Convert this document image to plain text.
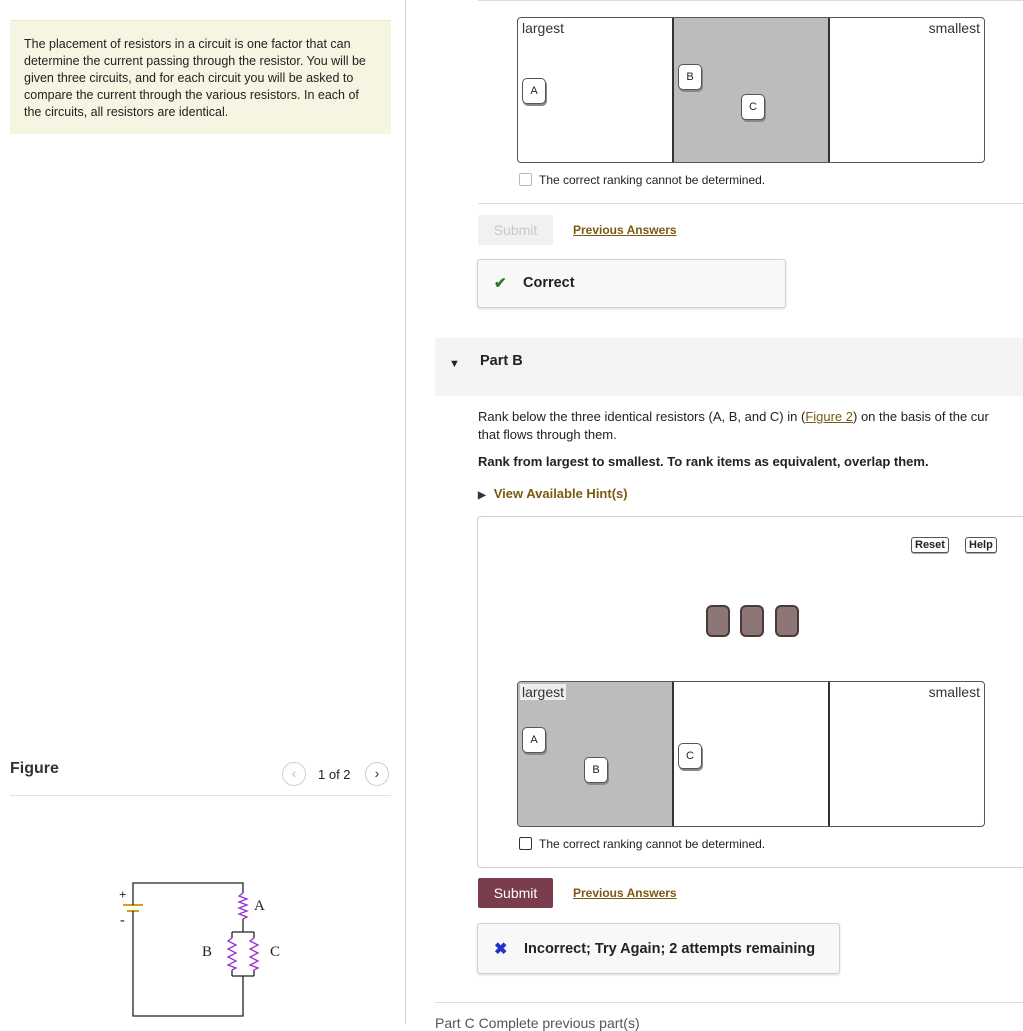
The placement of resistors in a circuit is one factor that can determine the current passing through the resistor. You will be given three circuits, and for each circuit you will be asked to compare the current through the various resistors. In each of the circuits, all resistors are identical.
Figure	‹	1 of 2	›
+
-
A
B	C
largest	smallest
A
B
C
The correct ranking cannot be determined.
Submit	Previous Answers
✔ Correct
▼ Part B
Rank below the three identical resistors (A, B, and C) in (Figure 2) on the basis of the cur
that flows through them.
Rank from largest to smallest. To rank items as equivalent, overlap them.
▶ View Available Hint(s)
Reset	Help
largest	smallest
A
B
C
The correct ranking cannot be determined.
Submit	Previous Answers
✖ Incorrect; Try Again; 2 attempts remaining
Part C Complete previous part(s)
